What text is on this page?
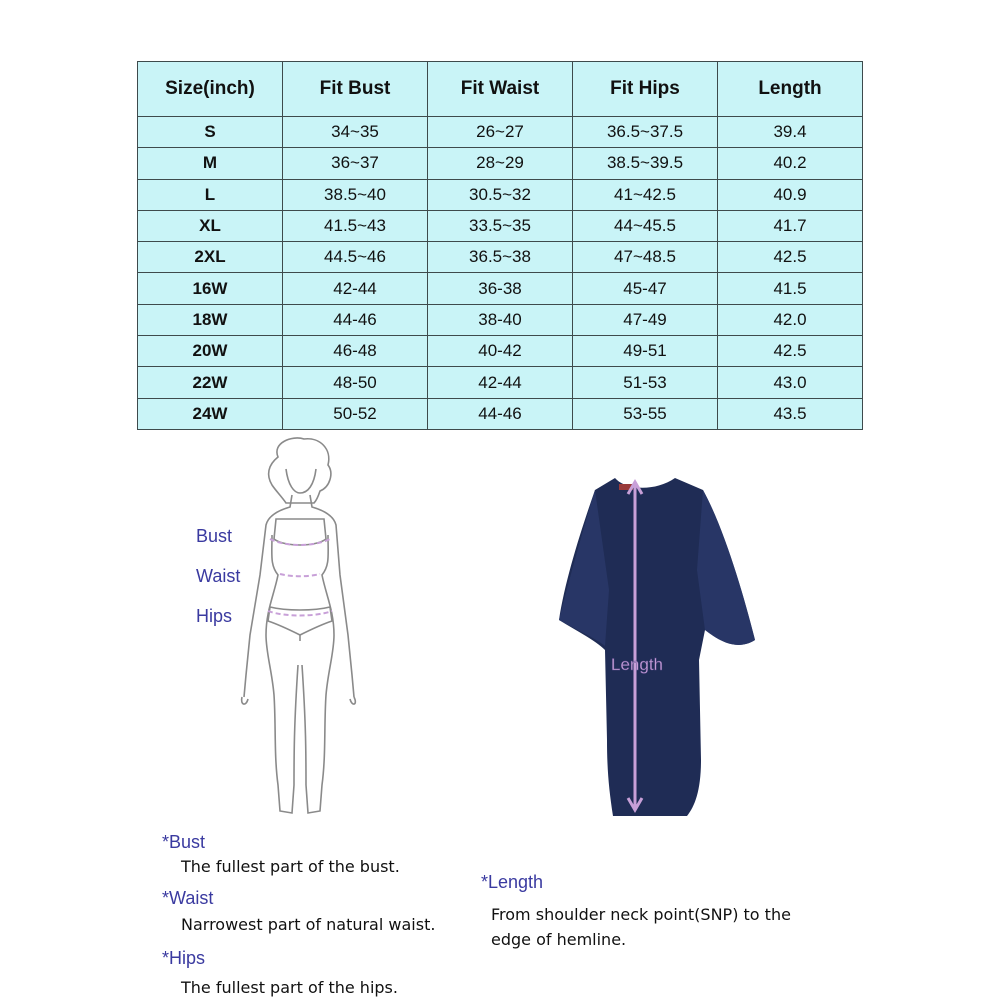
Size(inch)	Fit Bust	Fit Waist	Fit Hips	Length
S	34~35	26~27	36.5~37.5	39.4
M	36~37	28~29	38.5~39.5	40.2
L	38.5~40	30.5~32	41~42.5	40.9
XL	41.5~43	33.5~35	44~45.5	41.7
2XL	44.5~46	36.5~38	47~48.5	42.5
16W	42-44	36-38	45-47	41.5
18W	44-46	38-40	47-49	42.0
20W	46-48	40-42	49-51	42.5
22W	48-50	42-44	51-53	43.0
24W	50-52	44-46	53-55	43.5
Bust
Waist
Hips
Length
*Bust
The fullest part of the bust.
*Waist
Narrowest part of natural waist.
*Hips
The fullest part of the hips.
*Length
From shoulder neck point(SNP) to the
edge of hemline.
